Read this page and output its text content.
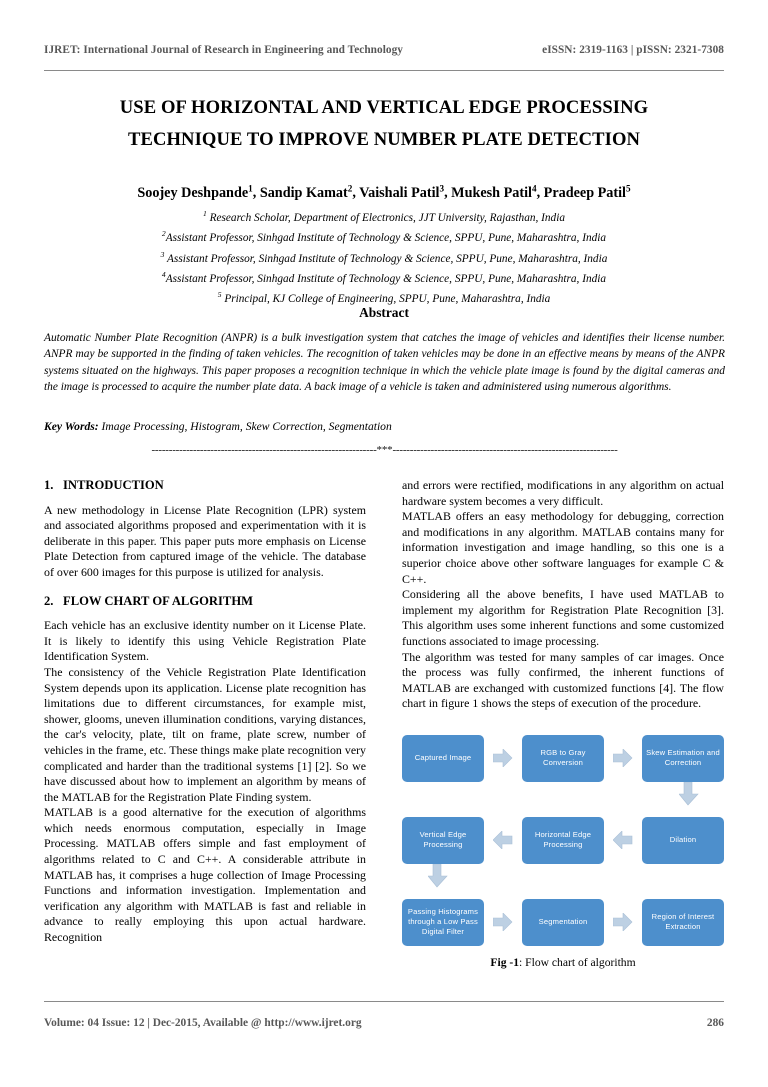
IJRET: International Journal of Research in Engineering and Technology	eISSN: 2319-1163 | pISSN: 2321-7308
USE OF HORIZONTAL AND VERTICAL EDGE PROCESSING
TECHNIQUE TO IMPROVE NUMBER PLATE DETECTION
Soojey Deshpande$^1$, Sandip Kamat$^2$, Vaishali Patil$^3$, Mukesh Patil$^4$, Pradeep Patil$^5$
$^1$ Research Scholar, Department of Electronics, JJT University, Rajasthan, India
$^2$Assistant Professor, Sinhgad Institute of Technology & Science, SPPU, Pune, Maharashtra, India
$^3$ Assistant Professor, Sinhgad Institute of Technology & Science, SPPU, Pune, Maharashtra, India
$^4$Assistant Professor, Sinhgad Institute of Technology & Science, SPPU, Pune, Maharashtra, India
$^5$ Principal, KJ College of Engineering, SPPU, Pune, Maharashtra, India
Abstract
Automatic Number Plate Recognition (ANPR) is a bulk investigation system that catches the image of vehicles and identifies their license number. ANPR may be supported in the finding of taken vehicles. The recognition of taken vehicles may be done in an effective means by means of the ANPR systems situated on the highways. This paper proposes a recognition technique in which the vehicle plate image is found by the digital cameras and the image is processed to acquire the number plate data. A back image of a vehicle is taken and administered using numerous algorithms.
Key Words: Image Processing, Histogram, Skew Correction, Segmentation
-----------------------------------------------------------------***-----------------------------------------------------------------
1. INTRODUCTION

A new methodology in License Plate Recognition (LPR) system and associated algorithms proposed and experimentation with it is deliberate in this paper. This paper puts more emphasis on License Plate Detection from captured image of the vehicle. The database of over 600 images for this purpose is utilized for analysis.

2. FLOW CHART OF ALGORITHM

Each vehicle has an exclusive identity number on it License Plate. It is likely to identify this using Vehicle Registration Plate Identification System.

The consistency of the Vehicle Registration Plate Identification System depends upon its application. License plate recognition has limitations due to different circumstances, for example mist, shower, glooms, uneven illumination conditions, varying distances, the car's velocity, plate, tilt on frame, plate screw, number of vehicles in the frame, etc. These things make plate recognition very complicated and harder than the traditional systems [1] [2]. So we have discussed about how to implement an algorithm by means of the MATLAB for the Registration Plate Finding system.

MATLAB is a good alternative for the execution of algorithms which needs enormous computation, especially in Image Processing. MATLAB offers simple and fast employment of algorithms related to C and C++. A considerable attribute in MATLAB has, it comprises a huge collection of Image Processing Functions and information investigation. Implementation and verification any algorithm with MATLAB is fast and reliable in advance to really employing this upon actual hardware. Recognition

and errors were rectified, modifications in any algorithm on actual hardware system becomes a very difficult.

MATLAB offers an easy methodology for debugging, correction and modifications in any algorithm. MATLAB contains many for information investigation and image handling, so this one is a superior choice above other software languages for example C & C++.

Considering all the above benefits, I have used MATLAB to implement my algorithm for Registration Plate Recognition [3]. This algorithm uses some inherent functions and some customized functions associated to image processing.

The algorithm was tested for many samples of car images. Once the process was fully confirmed, the inherent functions of MATLAB are exchanged with customized functions [4]. The flow chart in figure 1 shows the steps of execution of the procedure.

Captured Image
RGB to Gray Conversion
Skew Estimation and Correction
Vertical Edge Processing
Horizontal Edge Processing
Dilation
Passing Histograms through a Low Pass Digital Filter
Segmentation
Region of Interest Extraction
Fig -1: Flow chart of algorithm
Volume: 04 Issue: 12 | Dec-2015, Available @ http://www.ijret.org	286
